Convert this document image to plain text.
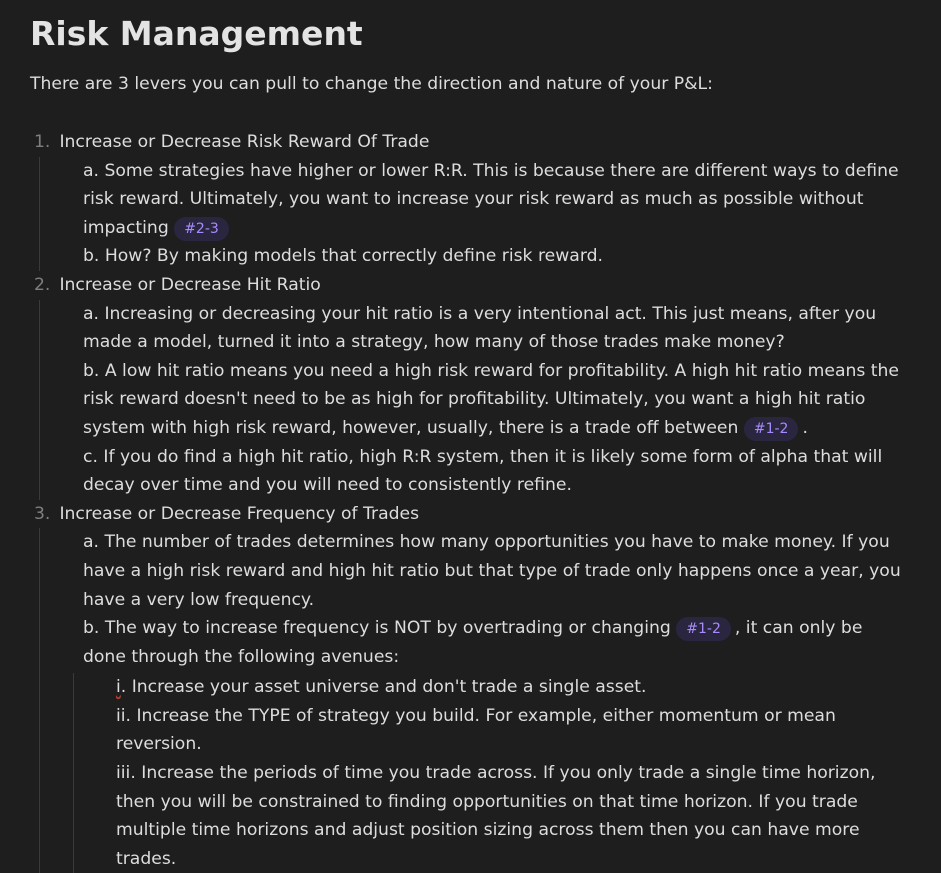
Risk Management

There are 3 levers you can pull to change the direction and nature of your P&L:

1. Increase or Decrease Risk Reward Of Trade
a. Some strategies have higher or lower R:R. This is because there are different ways to define risk reward. Ultimately, you want to increase your risk reward as much as possible without impacting #2-3
b. How? By making models that correctly define risk reward.
2. Increase or Decrease Hit Ratio
a. Increasing or decreasing your hit ratio is a very intentional act. This just means, after you made a model, turned it into a strategy, how many of those trades make money?
b. A low hit ratio means you need a high risk reward for profitability. A high hit ratio means the risk reward doesn't need to be as high for profitability. Ultimately, you want a high hit ratio system with high risk reward, however, usually, there is a trade off between #1-2 .
c. If you do find a high hit ratio, high R:R system, then it is likely some form of alpha that will decay over time and you will need to consistently refine.
3. Increase or Decrease Frequency of Trades
a. The number of trades determines how many opportunities you have to make money. If you have a high risk reward and high hit ratio but that type of trade only happens once a year, you have a very low frequency.
b. The way to increase frequency is NOT by overtrading or changing #1-2 , it can only be done through the following avenues:
i. Increase your asset universe and don't trade a single asset.
ii. Increase the TYPE of strategy you build. For example, either momentum or mean reversion.
iii. Increase the periods of time you trade across. If you only trade a single time horizon, then you will be constrained to finding opportunities on that time horizon. If you trade multiple time horizons and adjust position sizing across them then you can have more trades.
